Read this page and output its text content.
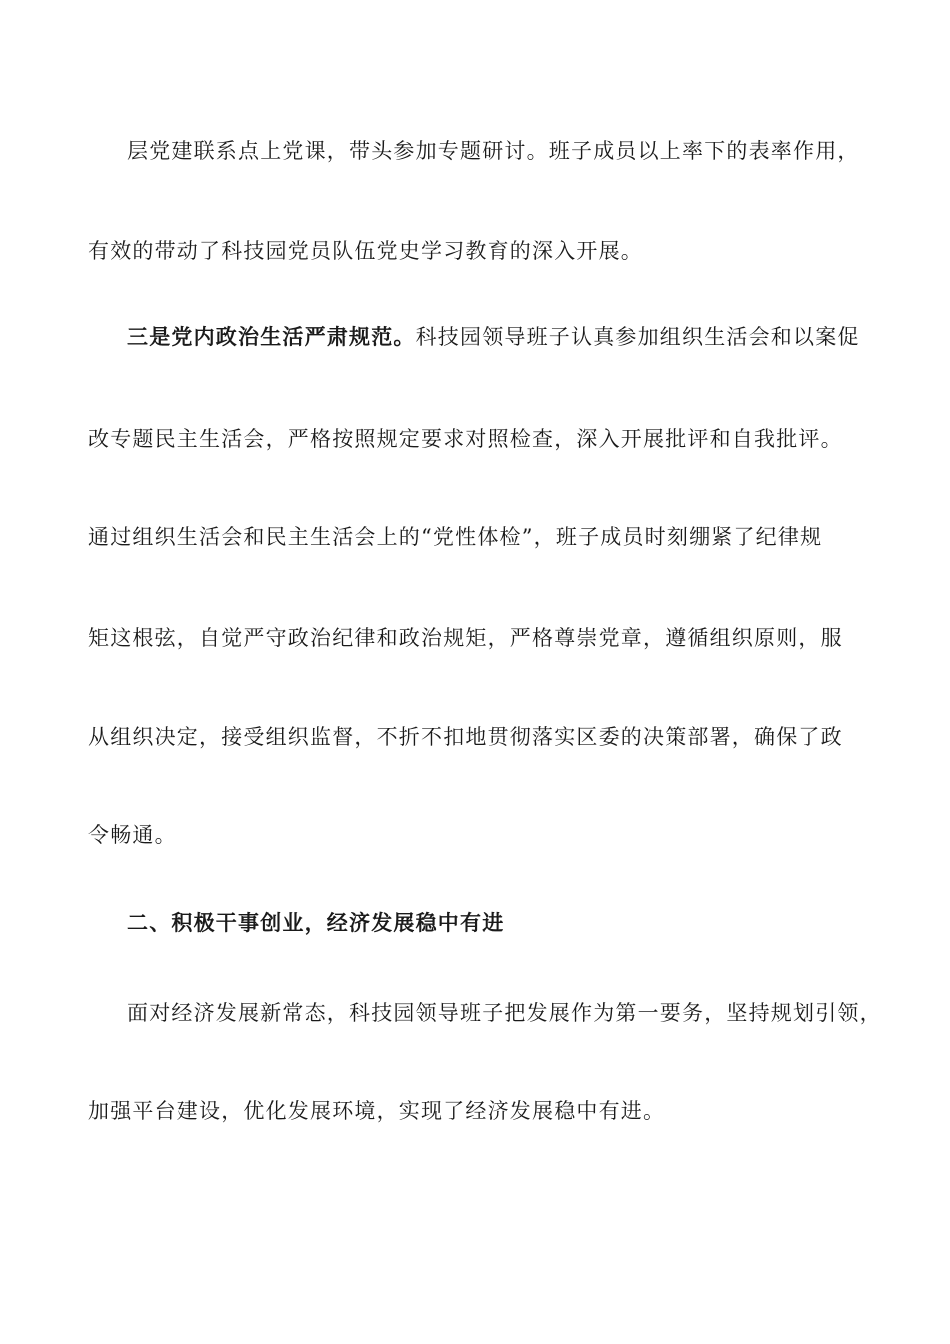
层党建联系点上党课，带头参加专题研讨。班子成员以上率下的表率作用，
有效的带动了科技园党员队伍党史学习教育的深入开展。
三是党内政治生活严肃规范。科技园领导班子认真参加组织生活会和以案促
改专题民主生活会，严格按照规定要求对照检查，深入开展批评和自我批评。
通过组织生活会和民主生活会上的“党性体检”，班子成员时刻绷紧了纪律规
矩这根弦，自觉严守政治纪律和政治规矩，严格尊崇党章，遵循组织原则，服
从组织决定，接受组织监督，不折不扣地贯彻落实区委的决策部署，确保了政
令畅通。
二、积极干事创业，经济发展稳中有进
面对经济发展新常态，科技园领导班子把发展作为第一要务，坚持规划引领，
加强平台建设，优化发展环境，实现了经济发展稳中有进。
